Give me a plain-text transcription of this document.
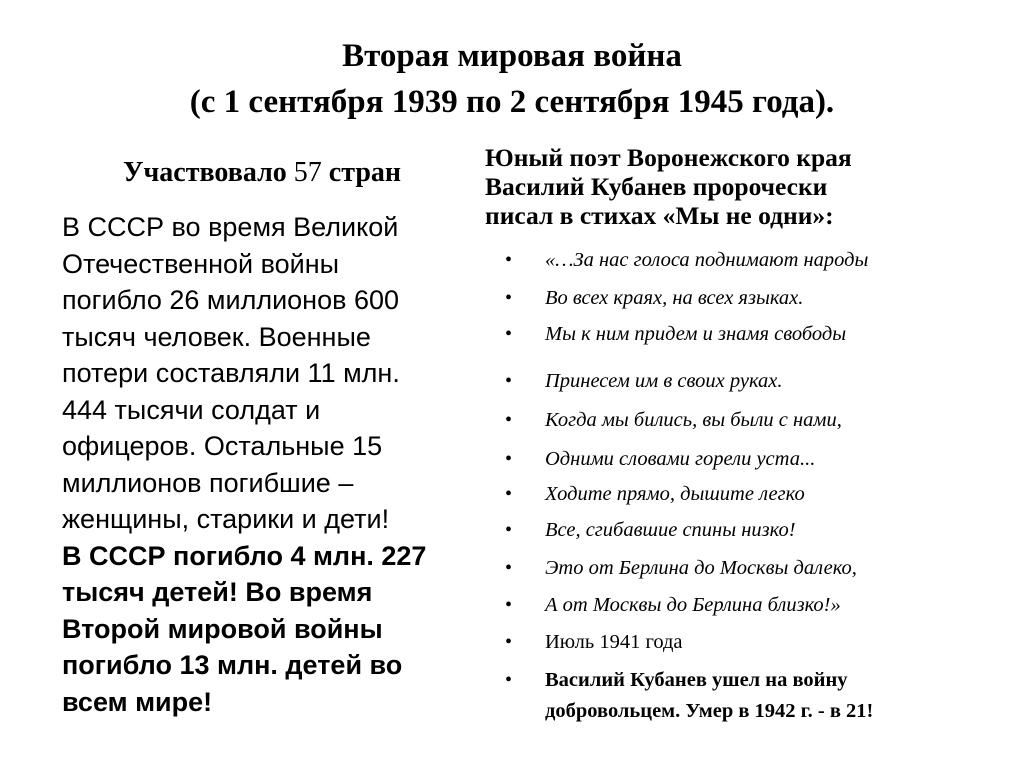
Вторая мировая война
(с 1 сентября 1939 по 2 сентября 1945 года).
Участвовало 57 стран
В СССР во время Великой
Отечественной войны
погибло 26 миллионов 600
тысяч человек. Военные
потери составляли 11 млн.
444 тысячи солдат и
офицеров. Остальные 15
миллионов погибшие –
женщины, старики и дети!
В СССР погибло 4 млн. 227
тысяч детей! Во время
Второй мировой войны
погибло 13 млн. детей во
всем мире!
Юный поэт Воронежского края
Василий Кубанев пророчески
писал в стихах «Мы не одни»:
• «…За нас голоса поднимают народы
• Во всех краях, на всех языках.
• Мы к ним придем и знамя свободы
• Принесем им в своих руках.
• Когда мы бились, вы были с нами,
• Одними словами горели уста...
• Ходите прямо, дышите легко
• Все, сгибавшие спины низко!
• Это от Берлина до Москвы далеко,
• А от Москвы до Берлина близко!»
• Июль 1941 года
• Василий Кубанев ушел на войну
добровольцем. Умер в 1942 г. - в 21!
